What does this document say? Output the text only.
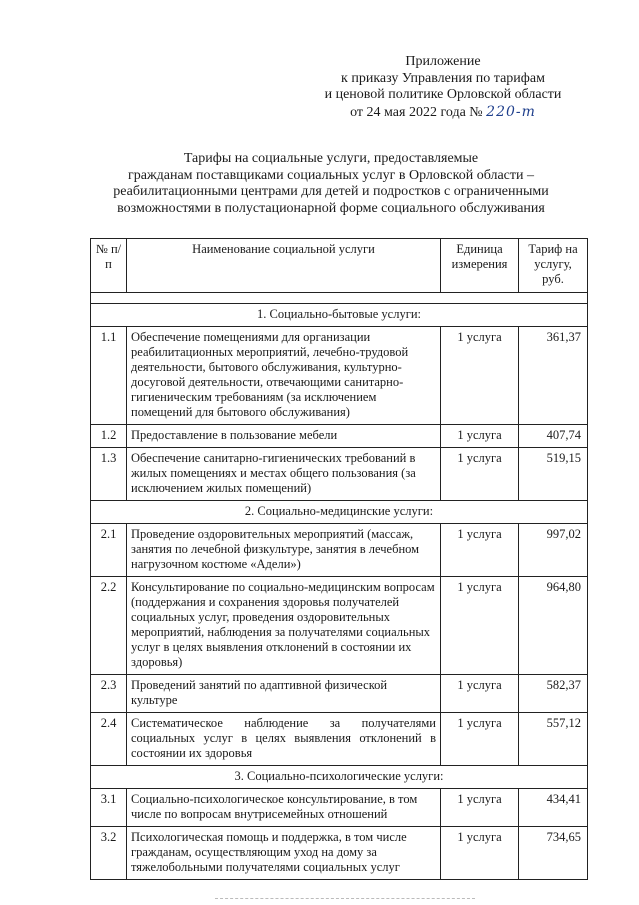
Приложение
к приказу Управления по тарифам
и ценовой политике Орловской области
от 24 мая 2022 года № 220-т
Тарифы на социальные услуги, предоставляемые
гражданам поставщиками социальных услуг в Орловской области –
реабилитационными центрами для детей и подростков с ограниченными
возможностями в полустационарной форме социального обслуживания
№ п/п	Наименование социальной услуги	Единица измерения	Тариф на услугу, руб.

1. Социально-бытовые услуги:			
1.1	Обеспечение помещениями для организации реабилитационных мероприятий, лечебно-трудовой деятельности, бытового обслуживания, культурно-досуговой деятельности, отвечающими санитарно-гигиеническим требованиям (за исключением помещений для бытового обслуживания)	1 услуга	361,37
1.2	Предоставление в пользование мебели	1 услуга	407,74
1.3	Обеспечение санитарно-гигиенических требований в жилых помещениях и местах общего пользования (за исключением жилых помещений)	1 услуга	519,15
2. Социально-медицинские услуги:			
2.1	Проведение оздоровительных мероприятий (массаж, занятия по лечебной физкультуре, занятия в лечебном нагрузочном костюме «Адели»)	1 услуга	997,02
2.2	Консультирование по социально-медицинским вопросам (поддержания и сохранения здоровья получателей социальных услуг, проведения оздоровительных мероприятий, наблюдения за получателями социальных услуг в целях выявления отклонений в состоянии их здоровья)	1 услуга	964,80
2.3	Проведений занятий по адаптивной физической культуре	1 услуга	582,37
2.4	Систематическое наблюдение за получателями социальных услуг в целях выявления отклонений в состоянии их здоровья	1 услуга	557,12
3. Социально-психологические услуги:			
3.1	Социально-психологическое консультирование, в том числе по вопросам внутрисемейных отношений	1 услуга	434,41
3.2	Психологическая помощь и поддержка, в том числе гражданам, осуществляющим уход на дому за тяжелобольными получателями социальных услуг	1 услуга	734,65
